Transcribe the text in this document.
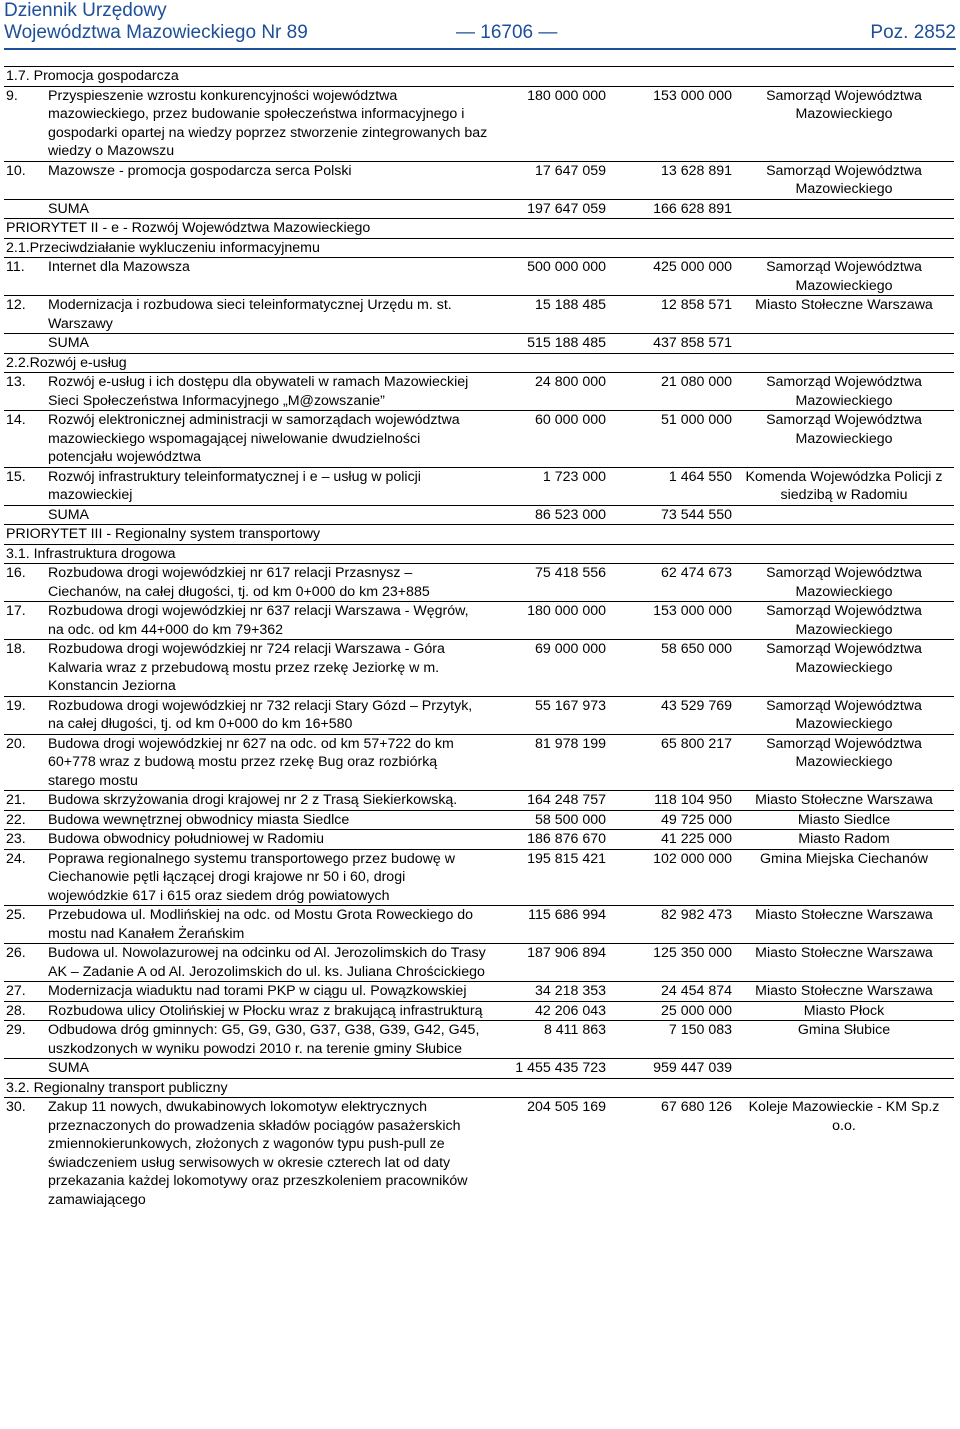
Dziennik Urzędowy
Województwa Mazowieckiego Nr 89	— 16706 —	Poz. 2852
1.7. Promocja gospodarcza				
9.	Przyspieszenie wzrostu konkurencyjności województwa mazowieckiego, przez budowanie społeczeństwa informacyjnego i gospodarki opartej na wiedzy poprzez stworzenie zintegrowanych baz wiedzy o Mazowszu	180 000 000	153 000 000	Samorząd Województwa Mazowieckiego
10.	Mazowsze - promocja gospodarcza serca Polski	17 647 059	13 628 891	Samorząd Województwa Mazowieckiego
	SUMA	197 647 059	166 628 891	
PRIORYTET II - e - Rozwój Województwa Mazowieckiego				
2.1.Przeciwdziałanie wykluczeniu informacyjnemu				
11.	Internet dla Mazowsza	500 000 000	425 000 000	Samorząd Województwa Mazowieckiego
12.	Modernizacja i rozbudowa sieci teleinformatycznej Urzędu m. st. Warszawy	15 188 485	12 858 571	Miasto Stołeczne Warszawa
	SUMA	515 188 485	437 858 571	
2.2.Rozwój e-usług				
13.	Rozwój e-usług i ich dostępu dla obywateli w ramach Mazowieckiej Sieci Społeczeństwa Informacyjnego „M@zowszanie”	24 800 000	21 080 000	Samorząd Województwa Mazowieckiego
14.	Rozwój elektronicznej administracji w samorządach województwa mazowieckiego wspomagającej niwelowanie dwudzielności potencjału województwa	60 000 000	51 000 000	Samorząd Województwa Mazowieckiego
15.	Rozwój infrastruktury teleinformatycznej i e – usług w policji mazowieckiej	1 723 000	1 464 550	Komenda Wojewódzka Policji z siedzibą w Radomiu
	SUMA	86 523 000	73 544 550	
PRIORYTET III - Regionalny system transportowy				
3.1. Infrastruktura drogowa				
16.	Rozbudowa drogi wojewódzkiej nr 617 relacji Przasnysz – Ciechanów, na całej długości, tj. od km 0+000 do km 23+885	75 418 556	62 474 673	Samorząd Województwa Mazowieckiego
17.	Rozbudowa drogi wojewódzkiej nr 637 relacji Warszawa - Węgrów, na odc. od km 44+000 do km 79+362	180 000 000	153 000 000	Samorząd Województwa Mazowieckiego
18.	Rozbudowa drogi wojewódzkiej nr 724 relacji Warszawa - Góra Kalwaria wraz z przebudową mostu przez rzekę Jeziorkę w m. Konstancin Jeziorna	69 000 000	58 650 000	Samorząd Województwa Mazowieckiego
19.	Rozbudowa drogi wojewódzkiej nr 732 relacji Stary Gózd – Przytyk, na całej długości, tj. od km 0+000 do km 16+580	55 167 973	43 529 769	Samorząd Województwa Mazowieckiego
20.	Budowa drogi wojewódzkiej nr 627 na odc. od km 57+722 do km 60+778 wraz z budową mostu przez rzekę Bug oraz rozbiórką starego mostu	81 978 199	65 800 217	Samorząd Województwa Mazowieckiego
21.	Budowa skrzyżowania drogi krajowej nr 2 z Trasą Siekierkowską.	164 248 757	118 104 950	Miasto Stołeczne Warszawa
22.	Budowa wewnętrznej obwodnicy miasta Siedlce	58 500 000	49 725 000	Miasto Siedlce
23.	Budowa obwodnicy południowej w Radomiu	186 876 670	41 225 000	Miasto Radom
24.	Poprawa regionalnego systemu transportowego przez budowę w Ciechanowie pętli łączącej drogi krajowe nr 50 i 60, drogi wojewódzkie 617 i 615 oraz siedem dróg powiatowych	195 815 421	102 000 000	Gmina Miejska Ciechanów
25.	Przebudowa ul. Modlińskiej na odc. od Mostu Grota Roweckiego do mostu nad Kanałem Żerańskim	115 686 994	82 982 473	Miasto Stołeczne Warszawa
26.	Budowa ul. Nowolazurowej na odcinku od Al. Jerozolimskich do Trasy AK – Zadanie A od Al. Jerozolimskich do ul. ks. Juliana Chrościckiego	187 906 894	125 350 000	Miasto Stołeczne Warszawa
27.	Modernizacja wiaduktu nad torami PKP w ciągu ul. Powązkowskiej	34 218 353	24 454 874	Miasto Stołeczne Warszawa
28.	Rozbudowa ulicy Otolińskiej w Płocku wraz z brakującą infrastrukturą	42 206 043	25 000 000	Miasto Płock
29.	Odbudowa dróg gminnych: G5, G9, G30, G37, G38, G39, G42, G45, uszkodzonych w wyniku powodzi 2010 r. na terenie gminy Słubice	8 411 863	7 150 083	Gmina Słubice
	SUMA	1 455 435 723	959 447 039	
3.2. Regionalny transport publiczny				
30.	Zakup 11 nowych, dwukabinowych lokomotyw elektrycznych przeznaczonych do prowadzenia składów pociągów pasażerskich zmiennokierunkowych, złożonych z wagonów typu push-pull ze świadczeniem usług serwisowych w okresie czterech lat od daty przekazania każdej lokomotywy oraz przeszkoleniem pracowników zamawiającego	204 505 169	67 680 126	Koleje Mazowieckie - KM Sp.z o.o.
